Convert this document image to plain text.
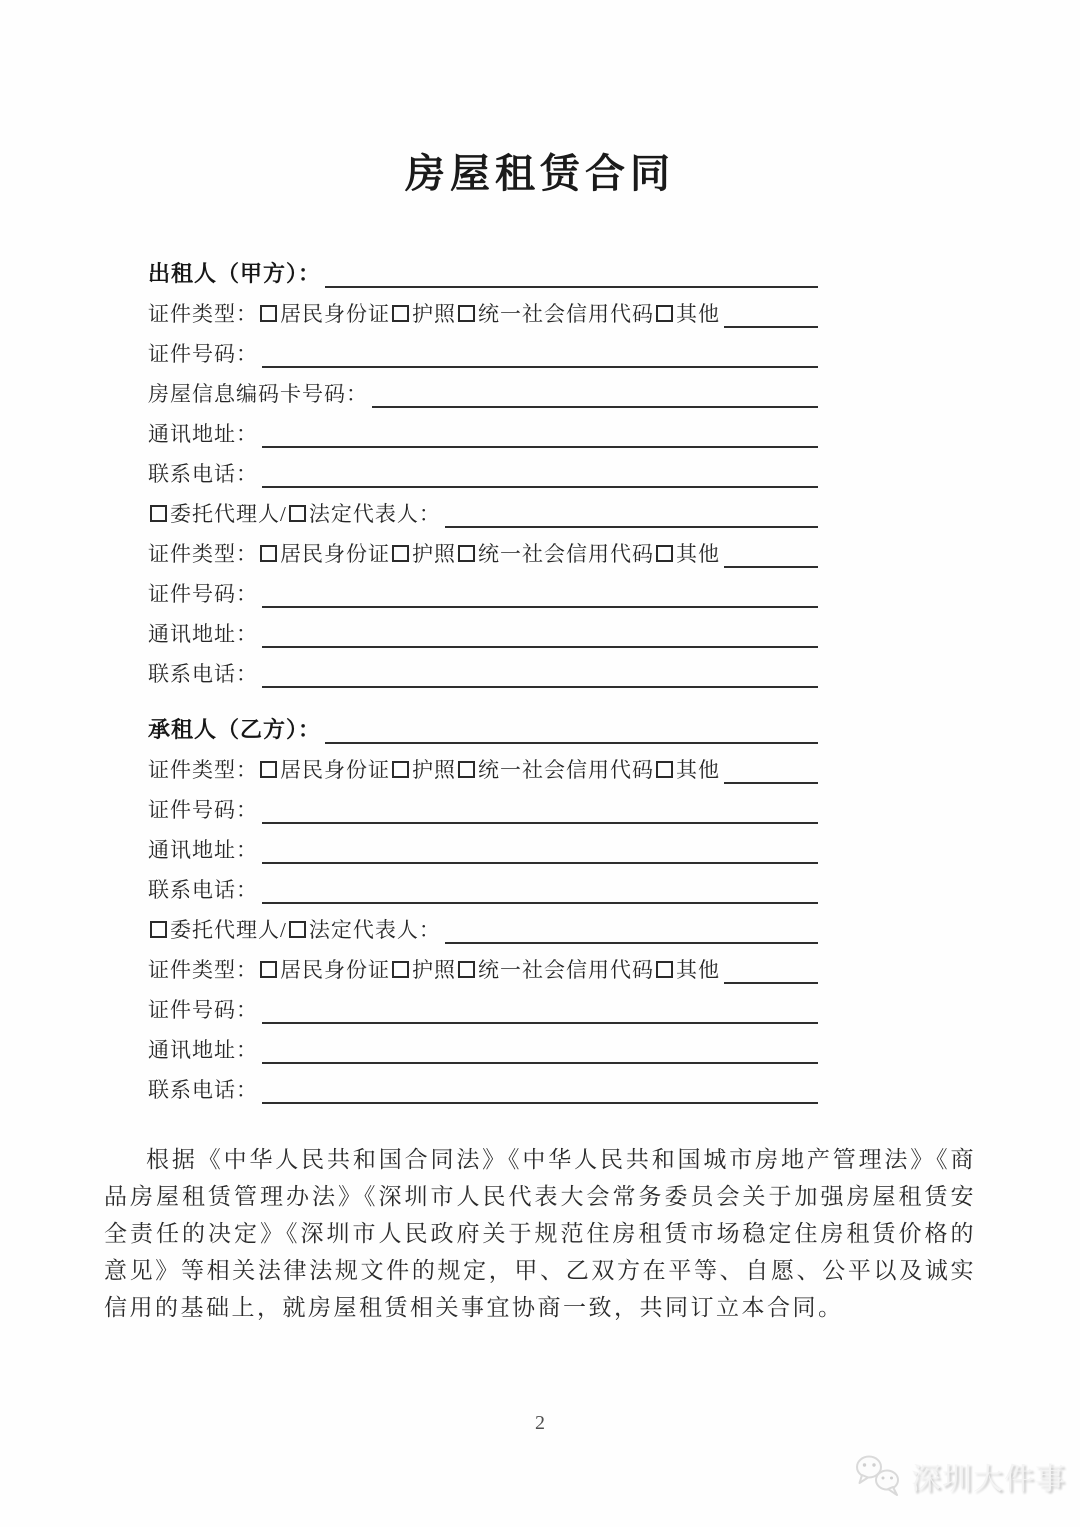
房屋租赁合同
出租人（甲方）：
证件类型： 居民身份证 护照 统一社会信用代码 其他
证件号码：
房屋信息编码卡号码：
通讯地址：
联系电话：
委托代理人/ 法定代表人：
证件类型： 居民身份证 护照 统一社会信用代码 其他
证件号码：
通讯地址：
联系电话：
承租人（乙方）：
证件类型： 居民身份证 护照 统一社会信用代码 其他
证件号码：
通讯地址：
联系电话：
委托代理人/ 法定代表人：
证件类型： 居民身份证 护照 统一社会信用代码 其他
证件号码：
通讯地址：
联系电话：
根据《中华人民共和国合同法》《中华人民共和国城市房地产管理法》《商品房屋租赁管理办法》《深圳市人民代表大会常务委员会关于加强房屋租赁安全责任的决定》《深圳市人民政府关于规范住房租赁市场稳定住房租赁价格的意见》等相关法律法规文件的规定，甲、乙双方在平等、自愿、公平以及诚实信用的基础上，就房屋租赁相关事宜协商一致，共同订立本合同。
2
深圳大件事
